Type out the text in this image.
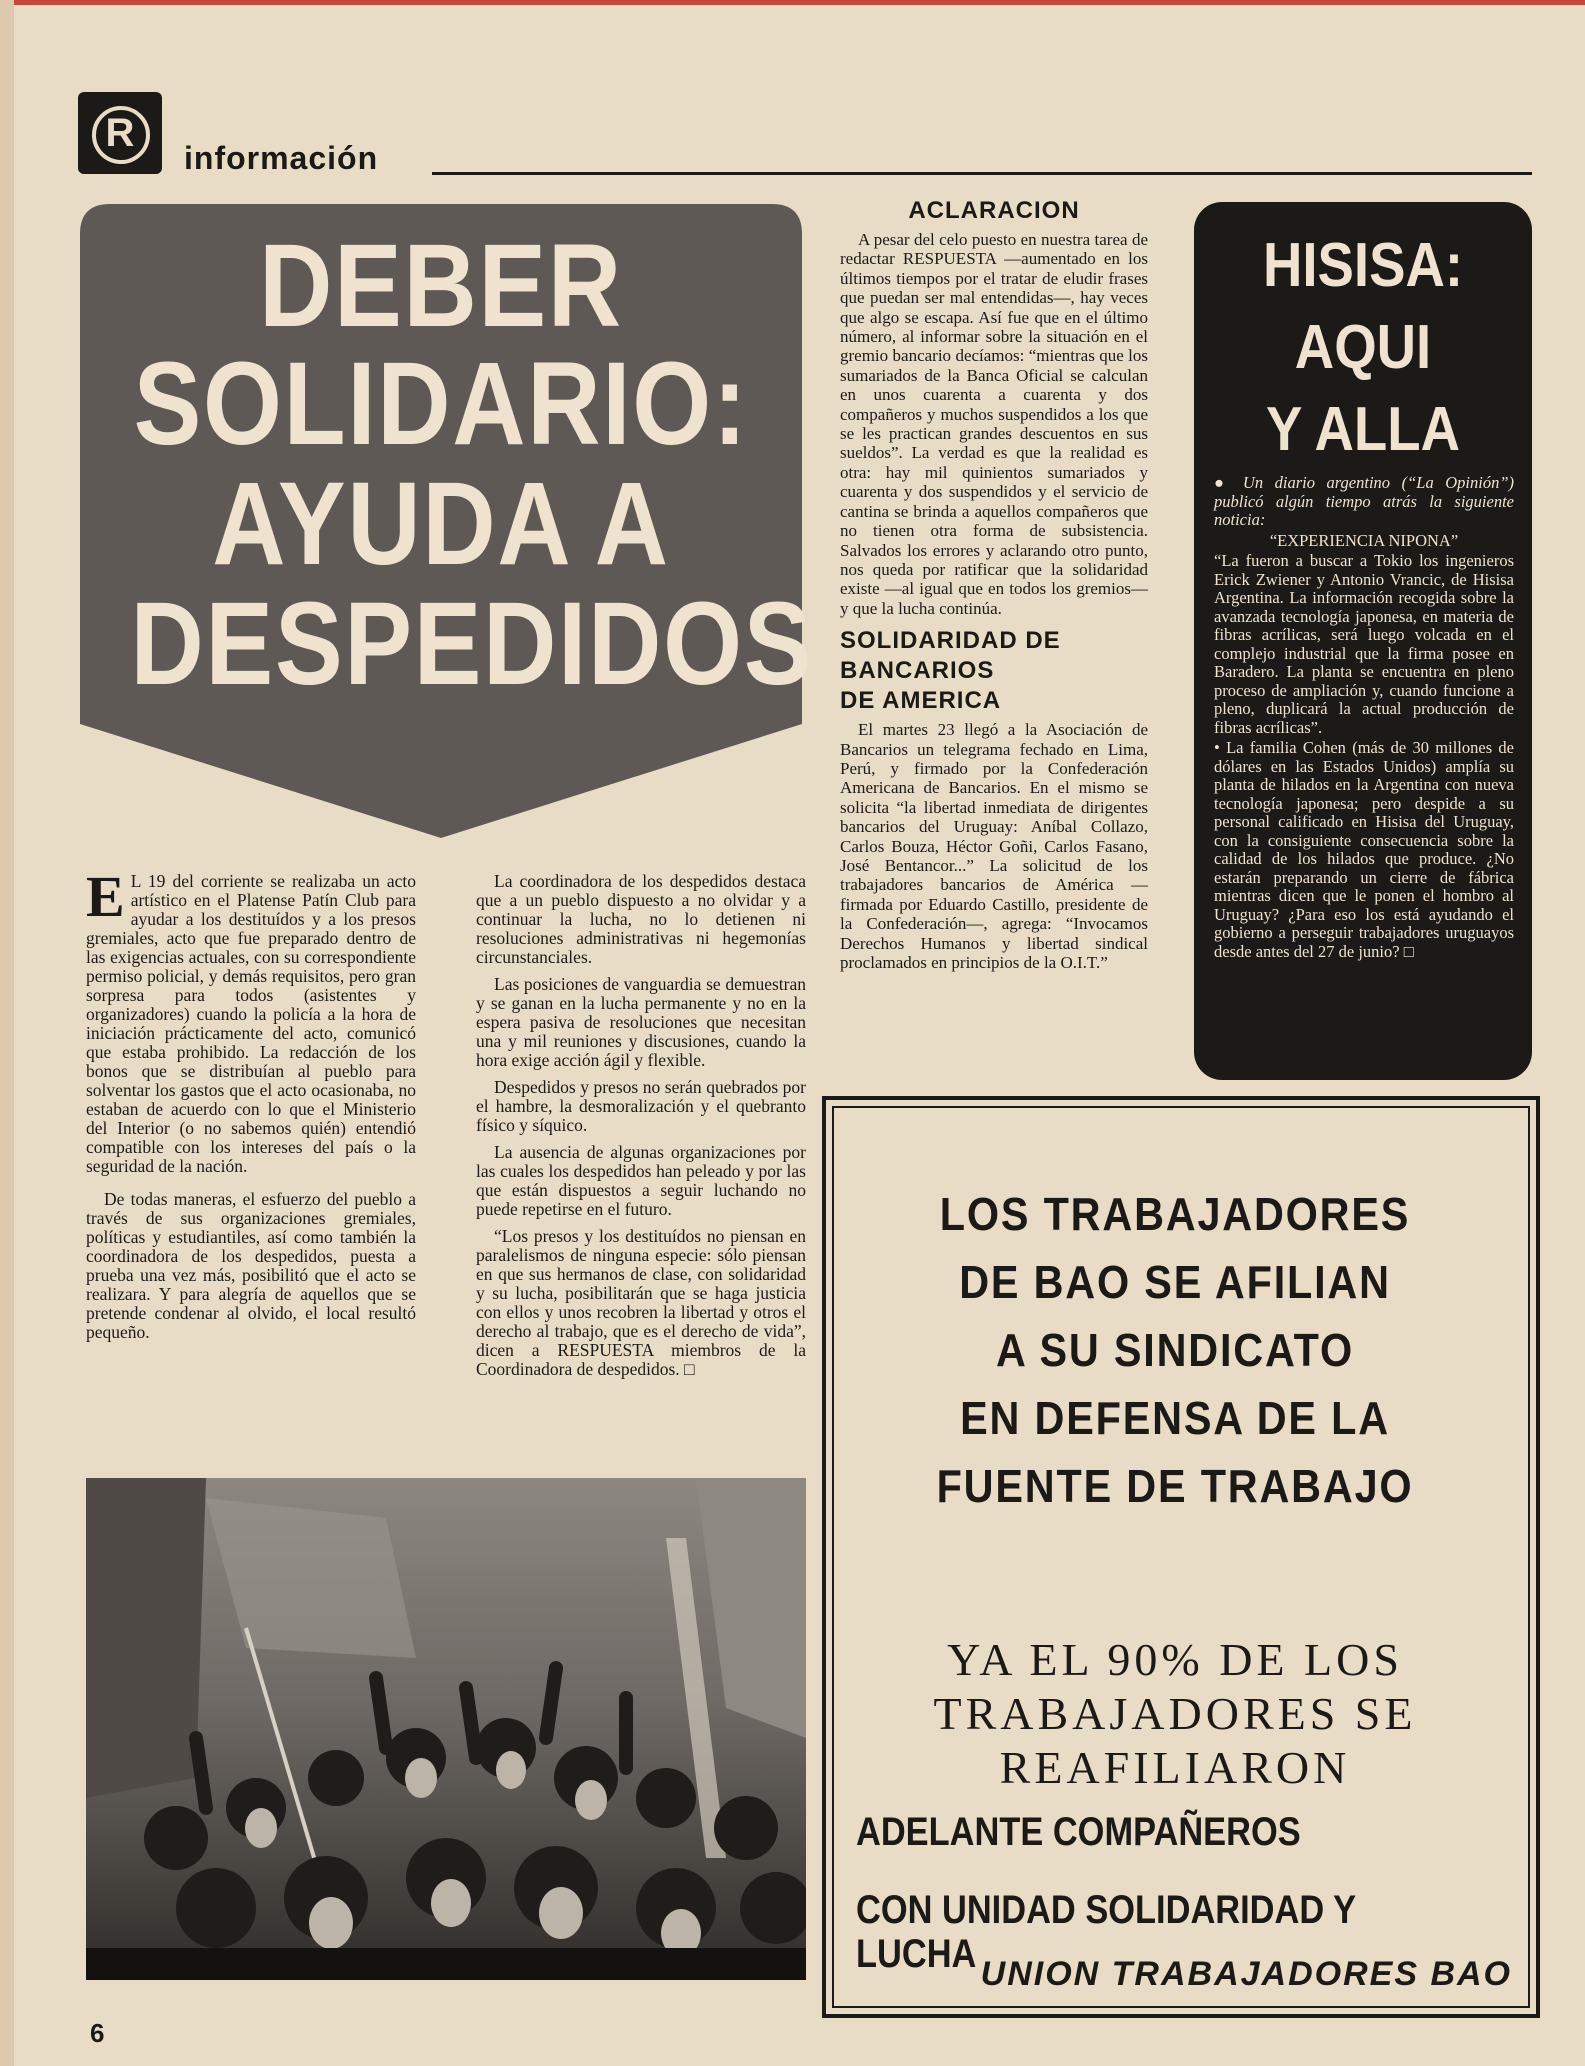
R
información
DEBER
SOLIDARIO:
AYUDA A
DESPEDIDOS

E L 19 del corriente se realizaba un acto artístico en el Platense Patín Club para ayudar a los destituídos y a los presos gremiales, acto que fue preparado dentro de las exigencias actuales, con su correspondiente permiso policial, y demás requisitos, pero gran sorpresa para todos (asistentes y organizadores) cuando la policía a la hora de iniciación prácticamente del acto, comunicó que estaba prohibido. La redacción de los bonos que se distribuían al pueblo para solventar los gastos que el acto ocasionaba, no estaban de acuerdo con lo que el Ministerio del Interior (o no sabemos quién) entendió compatible con los intereses del país o la seguridad de la nación.

De todas maneras, el esfuerzo del pueblo a través de sus organizaciones gremiales, políticas y estudiantiles, así como también la coordinadora de los despedidos, puesta a prueba una vez más, posibilitó que el acto se realizara. Y para alegría de aquellos que se pretende condenar al olvido, el local resultó pequeño.

La coordinadora de los despedidos destaca que a un pueblo dispuesto a no olvidar y a continuar la lucha, no lo detienen ni resoluciones administrativas ni hegemonías circunstanciales.

Las posiciones de vanguardia se demuestran y se ganan en la lucha permanente y no en la espera pasiva de resoluciones que necesitan una y mil reuniones y discusiones, cuando la hora exige acción ágil y flexible.

Despedidos y presos no serán quebrados por el hambre, la desmoralización y el quebranto físico y síquico.

La ausencia de algunas organizaciones por las cuales los despedidos han peleado y por las que están dispuestos a seguir luchando no puede repetirse en el futuro.

“Los presos y los destituídos no piensan en paralelismos de ninguna especie: sólo piensan en que sus hermanos de clase, con solidaridad y su lucha, posibilitarán que se haga justicia con ellos y unos recobren la libertad y otros el derecho al trabajo, que es el derecho de vida”, dicen a RESPUESTA miembros de la Coordinadora de despedidos. □

ACLARACION

A pesar del celo puesto en nuestra tarea de redactar RESPUESTA —aumentado en los últimos tiempos por el tratar de eludir frases que puedan ser mal entendidas—, hay veces que algo se escapa. Así fue que en el último número, al informar sobre la situación en el gremio bancario decíamos: “mientras que los sumariados de la Banca Oficial se calculan en unos cuarenta a cuarenta y dos compañeros y muchos suspendidos a los que se les practican grandes descuentos en sus sueldos”. La verdad es que la realidad es otra: hay mil quinientos sumariados y cuarenta y dos suspendidos y el servicio de cantina se brinda a aquellos compañeros que no tienen otra forma de subsistencia. Salvados los errores y aclarando otro punto, nos queda por ratificar que la solidaridad existe —al igual que en todos los gremios— y que la lucha continúa.

SOLIDARIDAD DE
BANCARIOS
DE AMERICA

El martes 23 llegó a la Asociación de Bancarios un telegrama fechado en Lima, Perú, y firmado por la Confederación Americana de Bancarios. En el mismo se solicita “la libertad inmediata de dirigentes bancarios del Uruguay: Aníbal Collazo, Carlos Bouza, Héctor Goñi, Carlos Fasano, José Bentancor...” La solicitud de los trabajadores bancarios de América —firmada por Eduardo Castillo, presidente de la Confederación—, agrega: “Invocamos Derechos Humanos y libertad sindical proclamados en principios de la O.I.T.”

HISISA:
AQUI
Y ALLA

● Un diario argentino (“La Opinión”) publicó algún tiempo atrás la siguiente noticia:

“EXPERIENCIA NIPONA”

“La fueron a buscar a Tokio los ingenieros Erick Zwiener y Antonio Vrancic, de Hisisa Argentina. La información recogida sobre la avanzada tecnología japonesa, en materia de fibras acrílicas, será luego volcada en el complejo industrial que la firma posee en Baradero. La planta se encuentra en pleno proceso de ampliación y, cuando funcione a pleno, duplicará la actual producción de fibras acrílicas”.

• La familia Cohen (más de 30 millones de dólares en las Estados Unidos) amplía su planta de hilados en la Argentina con nueva tecnología japonesa; pero despide a su personal calificado en Hisisa del Uruguay, con la consiguiente consecuencia sobre la calidad de los hilados que produce. ¿No estarán preparando un cierre de fábrica mientras dicen que le ponen el hombro al Uruguay? ¿Para eso los está ayudando el gobierno a perseguir trabajadores uruguayos desde antes del 27 de junio? □

LOS TRABAJADORES
DE BAO SE AFILIAN
A SU SINDICATO
EN DEFENSA DE LA
FUENTE DE TRABAJO
YA EL 90% DE LOS
TRABAJADORES SE
REAFILIARON
ADELANTE COMPAÑEROS
CON UNIDAD SOLIDARIDAD Y LUCHA UNION TRABAJADORES BAO
6
